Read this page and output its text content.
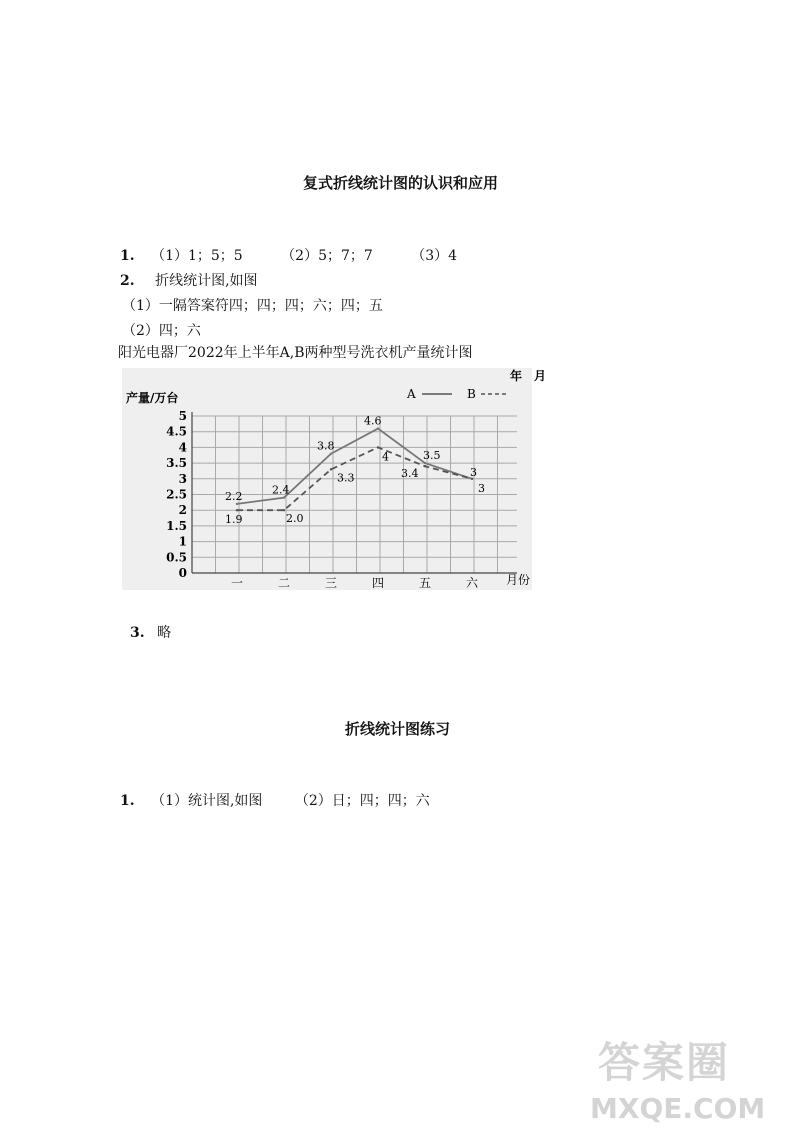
复式折线统计图的认识和应用
1. （1）1；5；5	（2）5；7；7	（3）4
2. 折线统计图,如图
（1）一隔答案符四；四；四；六；四；五
（2）四；六
阳光电器厂2022年上半年A,B两种型号洗衣机产量统计图
0
0.5
1
1.5
2
2.5
3
3.5
4
4.5
5
一	二	三	四	五	六
2.2	2.4
3.8
4.6
3.5
3
1.9	2.0
3.3
4
3.4
3
产量/万台
月份
年　月
A	B
3. 略
折线统计图练习
1. （1）统计图,如图 （2）日；四；四；六
答案圈
MXQE.COM
